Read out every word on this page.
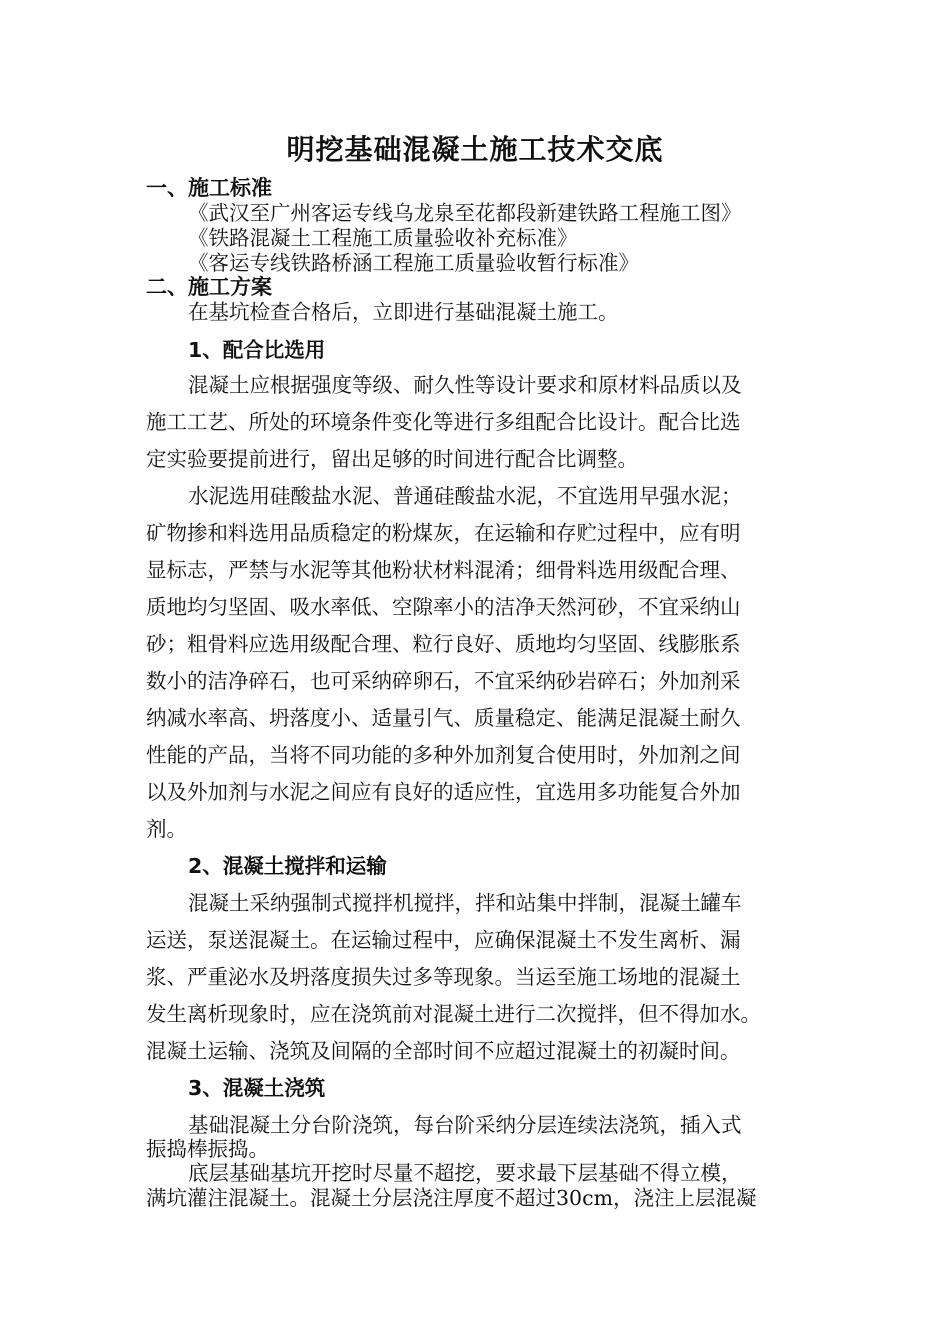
明挖基础混凝土施工技术交底
一、施工标准
《武汉至广州客运专线乌龙泉至花都段新建铁路工程施工图》
《铁路混凝土工程施工质量验收补充标准》
《客运专线铁路桥涵工程施工质量验收暂行标准》
二、施工方案
在基坑检查合格后，立即进行基础混凝土施工。
1、配合比选用
混凝土应根据强度等级、耐久性等设计要求和原材料品质以及
施工工艺、所处的环境条件变化等进行多组配合比设计。配合比选
定实验要提前进行，留出足够的时间进行配合比调整。
水泥选用硅酸盐水泥、普通硅酸盐水泥，不宜选用早强水泥；
矿物掺和料选用品质稳定的粉煤灰，在运输和存贮过程中，应有明
显标志，严禁与水泥等其他粉状材料混淆；细骨料选用级配合理、
质地均匀坚固、吸水率低、空隙率小的洁净天然河砂，不宜采纳山
砂；粗骨料应选用级配合理、粒行良好、质地均匀坚固、线膨胀系
数小的洁净碎石，也可采纳碎卵石，不宜采纳砂岩碎石；外加剂采
纳减水率高、坍落度小、适量引气、质量稳定、能满足混凝土耐久
性能的产品，当将不同功能的多种外加剂复合使用时，外加剂之间
以及外加剂与水泥之间应有良好的适应性，宜选用多功能复合外加
剂。
2、混凝土搅拌和运输
混凝土采纳强制式搅拌机搅拌，拌和站集中拌制，混凝土罐车
运送，泵送混凝土。在运输过程中，应确保混凝土不发生离析、漏
浆、严重泌水及坍落度损失过多等现象。当运至施工场地的混凝土
发生离析现象时，应在浇筑前对混凝土进行二次搅拌，但不得加水。
混凝土运输、浇筑及间隔的全部时间不应超过混凝土的初凝时间。
3、混凝土浇筑
基础混凝土分台阶浇筑，每台阶采纳分层连续法浇筑，插入式
振捣棒振捣。
底层基础基坑开挖时尽量不超挖，要求最下层基础不得立模，
满坑灌注混凝土。混凝土分层浇注厚度不超过30cm，浇注上层混凝
